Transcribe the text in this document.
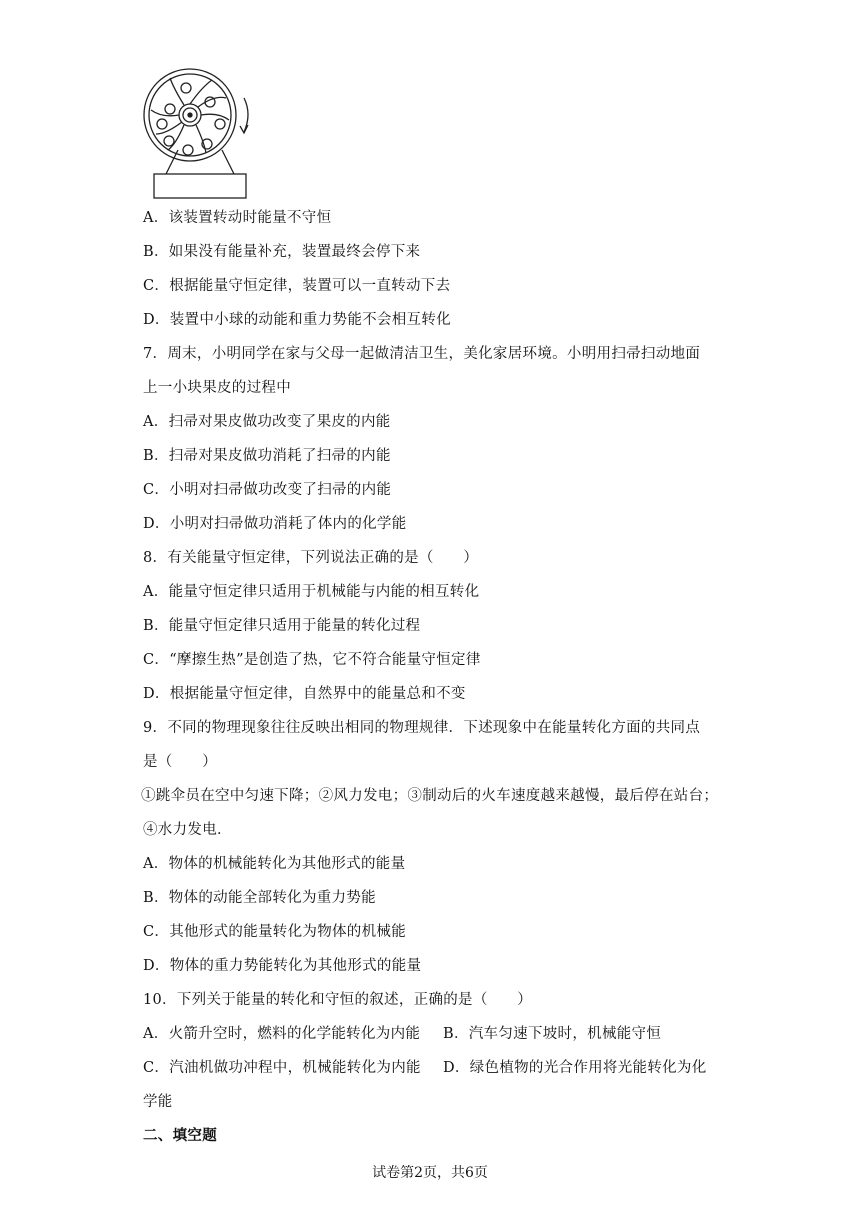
A．该装置转动时能量不守恒
B．如果没有能量补充，装置最终会停下来
C．根据能量守恒定律，装置可以一直转动下去
D．装置中小球的动能和重力势能不会相互转化
7．周末，小明同学在家与父母一起做清洁卫生，美化家居环境。小明用扫帚扫动地面
上一小块果皮的过程中
A．扫帚对果皮做功改变了果皮的内能
B．扫帚对果皮做功消耗了扫帚的内能
C．小明对扫帚做功改变了扫帚的内能
D．小明对扫帚做功消耗了体内的化学能
8．有关能量守恒定律，下列说法正确的是（　　）
A．能量守恒定律只适用于机械能与内能的相互转化
B．能量守恒定律只适用于能量的转化过程
C．“摩擦生热”是创造了热，它不符合能量守恒定律
D．根据能量守恒定律，自然界中的能量总和不变
9．不同的物理现象往往反映出相同的物理规律．下述现象中在能量转化方面的共同点
是（　　）
①跳伞员在空中匀速下降；②风力发电；③制动后的火车速度越来越慢，最后停在站台；
④水力发电．
A．物体的机械能转化为其他形式的能量
B．物体的动能全部转化为重力势能
C．其他形式的能量转化为物体的机械能
D．物体的重力势能转化为其他形式的能量
10．下列关于能量的转化和守恒的叙述，正确的是（　　）
A．火箭升空时，燃料的化学能转化为内能	B．汽车匀速下坡时，机械能守恒
C．汽油机做功冲程中，机械能转化为内能	D．绿色植物的光合作用将光能转化为化
学能
二、填空题
试卷第2页，共6页
